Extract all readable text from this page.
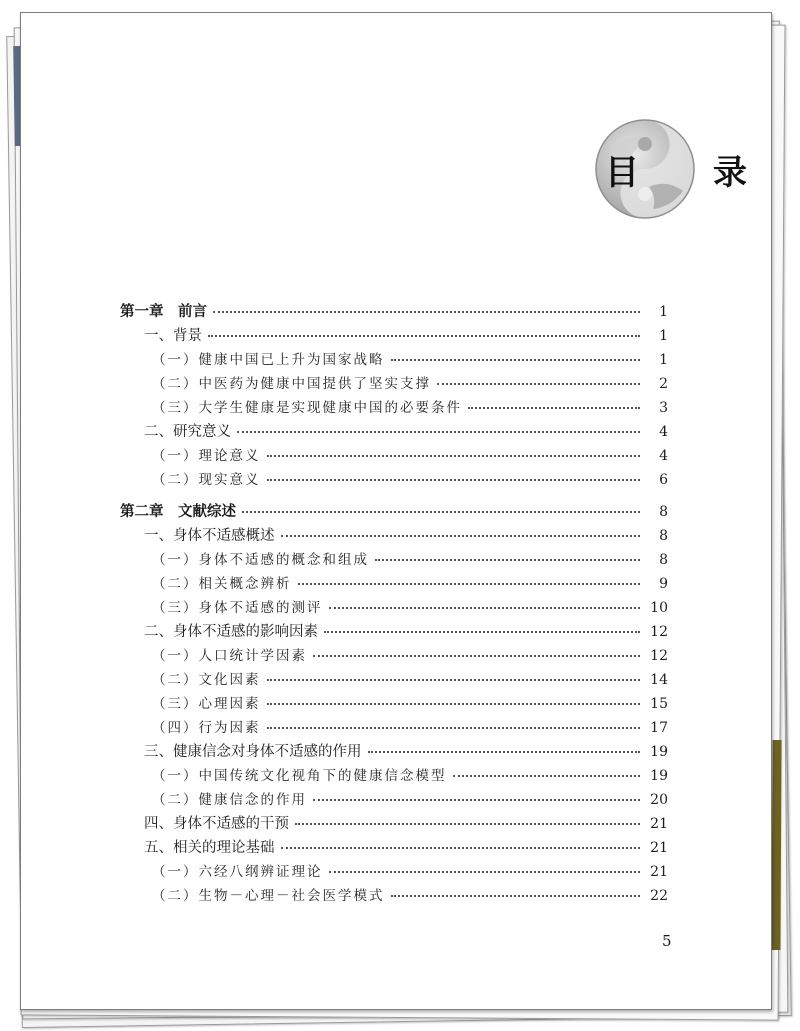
目　录
第一章　前言	1
一、背景	1
（一）健康中国已上升为国家战略	1
（二）中医药为健康中国提供了坚实支撑	2
（三）大学生健康是实现健康中国的必要条件	3
二、研究意义	4
（一）理论意义	4
（二）现实意义	6
第二章　文献综述	8
一、身体不适感概述	8
（一）身体不适感的概念和组成	8
（二）相关概念辨析	9
（三）身体不适感的测评	10
二、身体不适感的影响因素	12
（一）人口统计学因素	12
（二）文化因素	14
（三）心理因素	15
（四）行为因素	17
三、健康信念对身体不适感的作用	19
（一）中国传统文化视角下的健康信念模型	19
（二）健康信念的作用	20
四、身体不适感的干预	21
五、相关的理论基础	21
（一）六经八纲辨证理论	21
（二）生物－心理－社会医学模式	22
5
